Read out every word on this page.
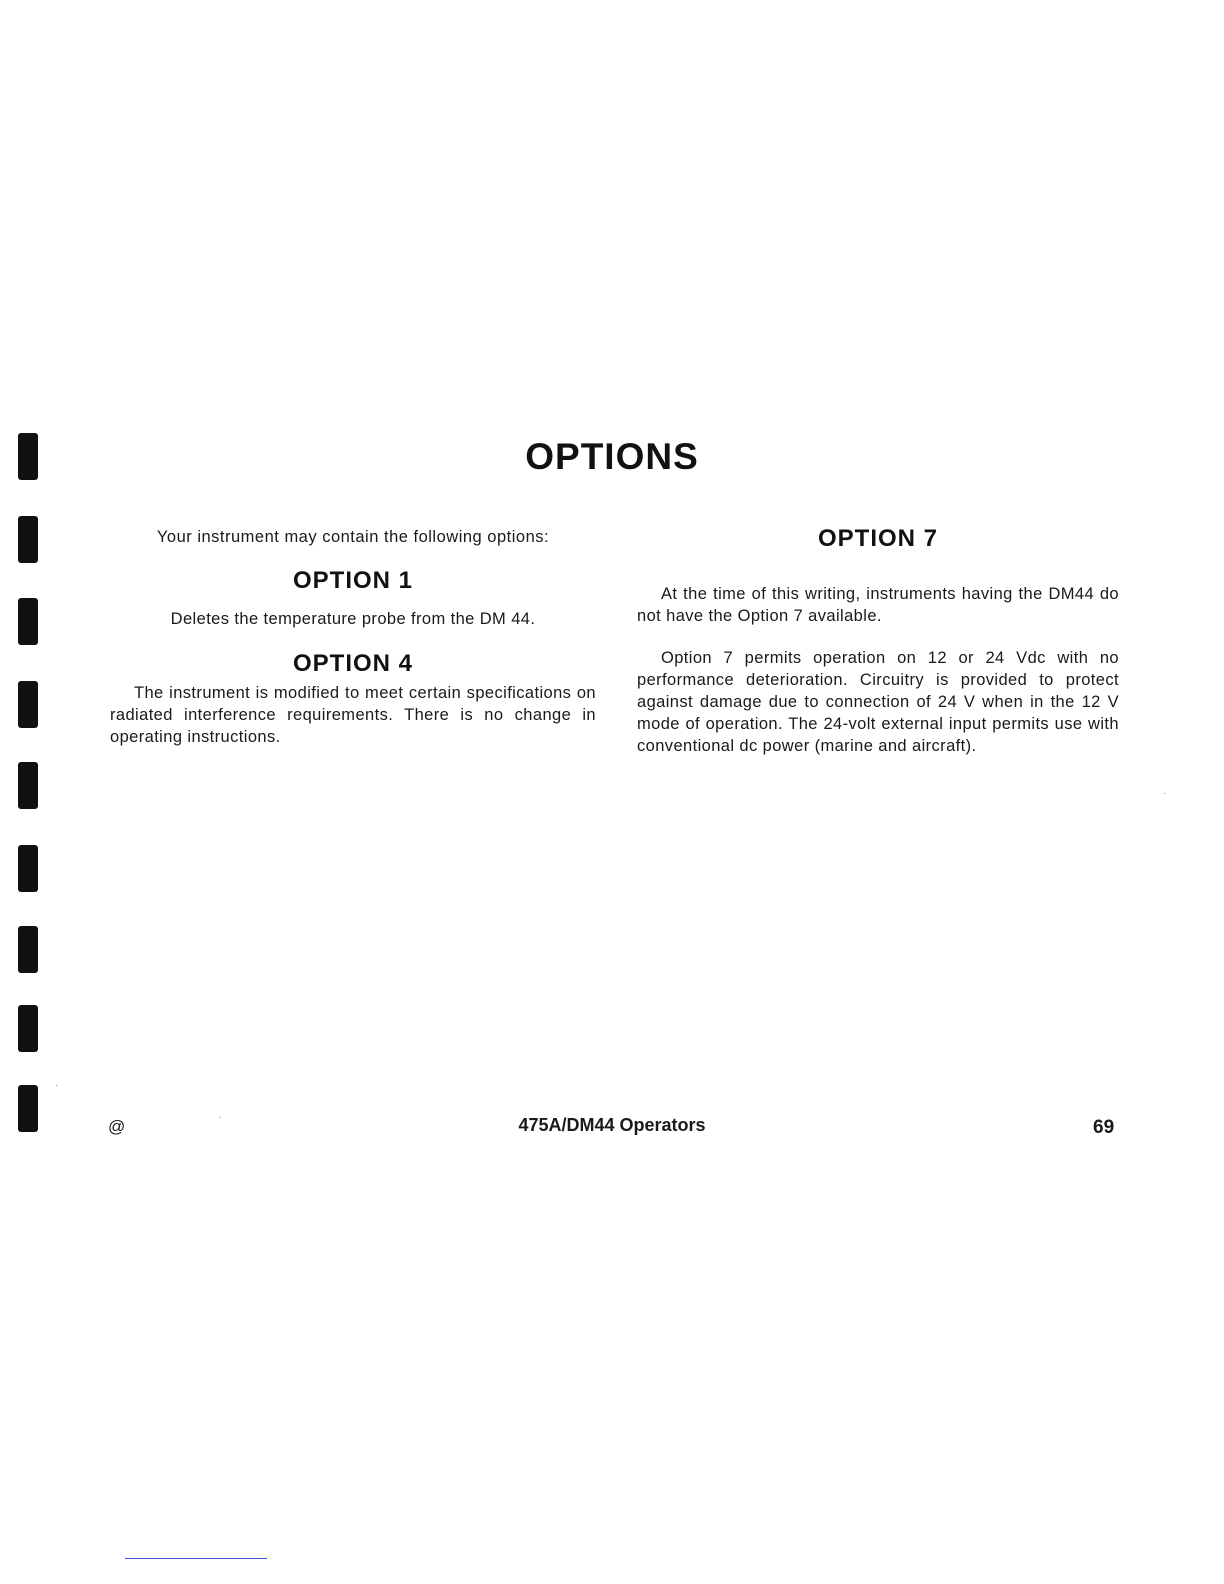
OPTIONS

Your instrument may contain the following options:

OPTION 1

Deletes the temperature probe from the DM 44.

OPTION 4

The instrument is modified to meet certain specifications on radiated interference requirements. There is no change in operating instructions.

OPTION 7

At the time of this writing, instruments having the DM44 do not have the Option 7 available.

Option 7 permits operation on 12 or 24 Vdc with no performance deterioration. Circuitry is provided to protect against damage due to connection of 24 V when in the 12 V mode of operation. The 24-volt external input permits use with conventional dc power (marine and aircraft).

@	·	475A/DM44 Operators	69
·
·
